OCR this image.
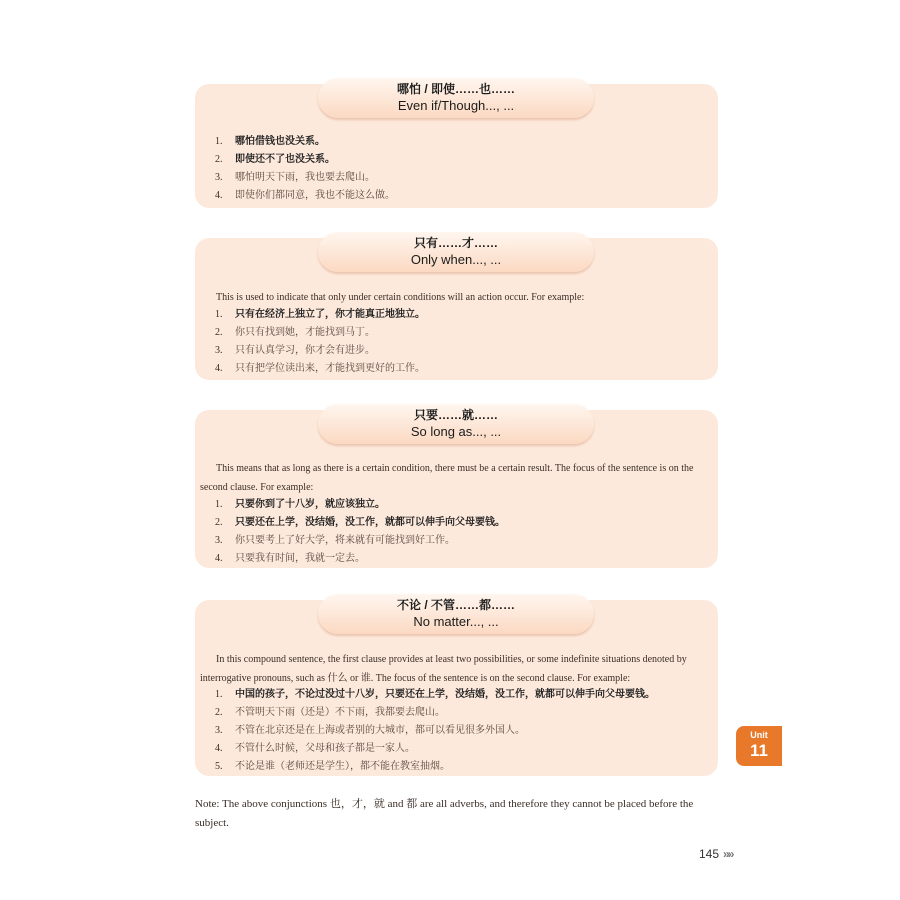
哪怕 / 即使……也……
Even if/Though..., ...
1. 哪怕借钱也没关系。
2. 即使还不了也没关系。
3. 哪怕明天下雨，我也要去爬山。
4. 即使你们都同意，我也不能这么做。
只有……才……
Only when..., ...
This is used to indicate that only under certain conditions will an action occur. For example:
1. 只有在经济上独立了，你才能真正地独立。
2. 你只有找到她，才能找到马丁。
3. 只有认真学习，你才会有进步。
4. 只有把学位读出来，才能找到更好的工作。
只要……就……
So long as..., ...
This means that as long as there is a certain condition, there must be a certain result. The focus of the sentence is on the second clause. For example:
1. 只要你到了十八岁，就应该独立。
2. 只要还在上学，没结婚，没工作，就都可以伸手向父母要钱。
3. 你只要考上了好大学，将来就有可能找到好工作。
4. 只要我有时间，我就一定去。
不论 / 不管……都……
No matter..., ...
In this compound sentence, the first clause provides at least two possibilities, or some indefinite situations denoted by interrogative pronouns, such as 什么 or 谁. The focus of the sentence is on the second clause. For example:
1. 中国的孩子，不论过没过十八岁，只要还在上学，没结婚，没工作，就都可以伸手向父母要钱。
2. 不管明天下雨（还是）不下雨，我都要去爬山。
3. 不管在北京还是在上海或者别的大城市，都可以看见很多外国人。
4. 不管什么时候，父母和孩子都是一家人。
5. 不论是谁（老师还是学生），都不能在教室抽烟。
Unit
11
Note: The above conjunctions 也，才，就 and 都 are all adverbs, and therefore they cannot be placed before the subject.
145 »»
